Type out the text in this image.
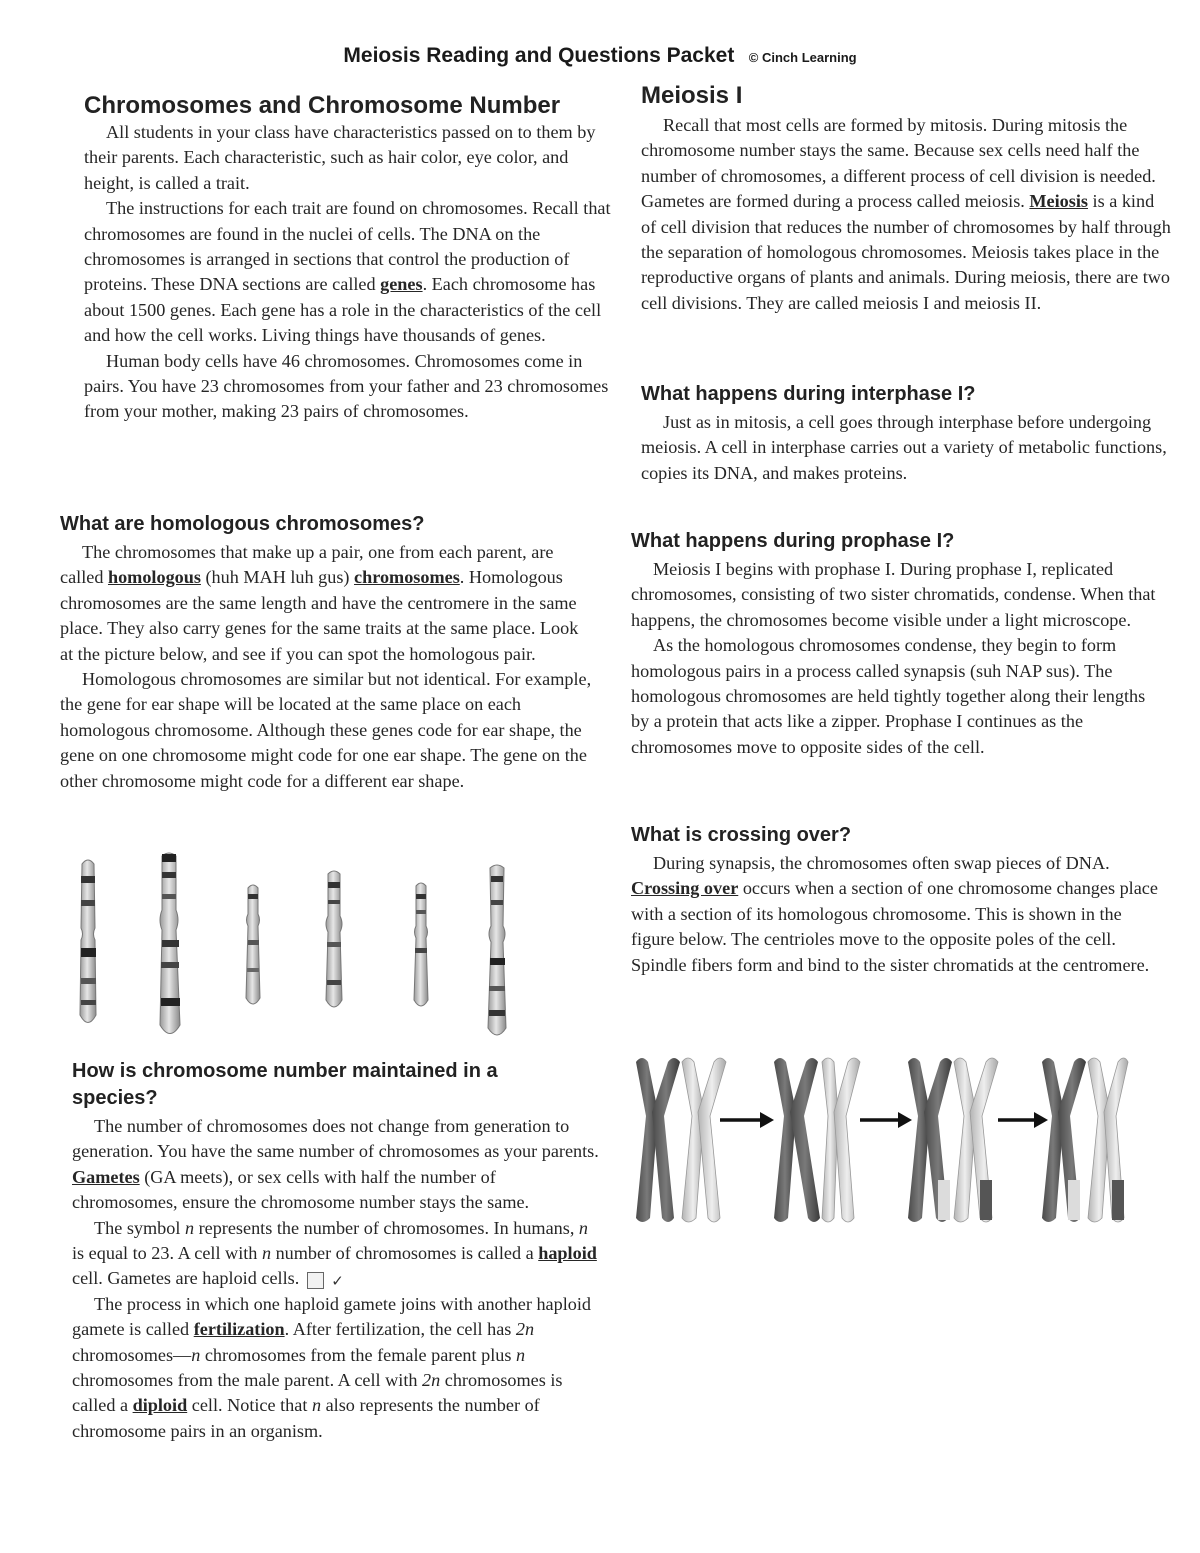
Meiosis Reading and Questions Packet © Cinch Learning
Chromosomes and Chromosome Number

All students in your class have characteristics passed on to them by their parents. Each characteristic, such as hair color, eye color, and height, is called a trait.

The instructions for each trait are found on chromosomes. Recall that chromosomes are found in the nuclei of cells. The DNA on the chromosomes is arranged in sections that control the production of proteins. These DNA sections are called genes. Each chromosome has about 1500 genes. Each gene has a role in the characteristics of the cell and how the cell works. Living things have thousands of genes.

Human body cells have 46 chromosomes. Chromosomes come in pairs. You have 23 chromosomes from your father and 23 chromosomes from your mother, making 23 pairs of chromosomes.

What are homologous chromosomes?

The chromosomes that make up a pair, one from each parent, are called homologous (huh MAH luh gus) chromosomes. Homologous chromosomes are the same length and have the centromere in the same place. They also carry genes for the same traits at the same place. Look at the picture below, and see if you can spot the homologous pair.

Homologous chromosomes are similar but not identical. For example, the gene for ear shape will be located at the same place on each homologous chromosome. Although these genes code for ear shape, the gene on one chromosome might code for one ear shape. The gene on the other chromosome might code for a different ear shape.

How is chromosome number maintained in a species?

The number of chromosomes does not change from generation to generation. You have the same number of chromosomes as your parents. Gametes (GA meets), or sex cells with half the number of chromosomes, ensure the chromosome number stays the same.

The symbol n represents the number of chromosomes. In humans, n is equal to 23. A cell with n number of chromosomes is called a haploid cell. Gametes are haploid cells.✓

The process in which one haploid gamete joins with another haploid gamete is called fertilization. After fertilization, the cell has 2n chromosomes—n chromosomes from the female parent plus n chromosomes from the male parent. A cell with 2n chromosomes is called a diploid cell. Notice that n also represents the number of chromosome pairs in an organism.

Meiosis I

Recall that most cells are formed by mitosis. During mitosis the chromosome number stays the same. Because sex cells need half the number of chromosomes, a different process of cell division is needed. Gametes are formed during a process called meiosis. Meiosis is a kind of cell division that reduces the number of chromosomes by half through the separation of homologous chromosomes. Meiosis takes place in the reproductive organs of plants and animals. During meiosis, there are two cell divisions. They are called meiosis I and meiosis II.

What happens during interphase I?

Just as in mitosis, a cell goes through interphase before undergoing meiosis. A cell in interphase carries out a variety of metabolic functions, copies its DNA, and makes proteins.

What happens during prophase I?

Meiosis I begins with prophase I. During prophase I, replicated chromosomes, consisting of two sister chromatids, condense. When that happens, the chromosomes become visible under a light microscope.

As the homologous chromosomes condense, they begin to form homologous pairs in a process called synapsis (suh NAP sus). The homologous chromosomes are held tightly together along their lengths by a protein that acts like a zipper. Prophase I continues as the chromosomes move to opposite sides of the cell.

What is crossing over?

During synapsis, the chromosomes often swap pieces of DNA. Crossing over occurs when a section of one chromosome changes place with a section of its homologous chromosome. This is shown in the figure below. The centrioles move to the opposite poles of the cell. Spindle fibers form and bind to the sister chromatids at the centromere.
